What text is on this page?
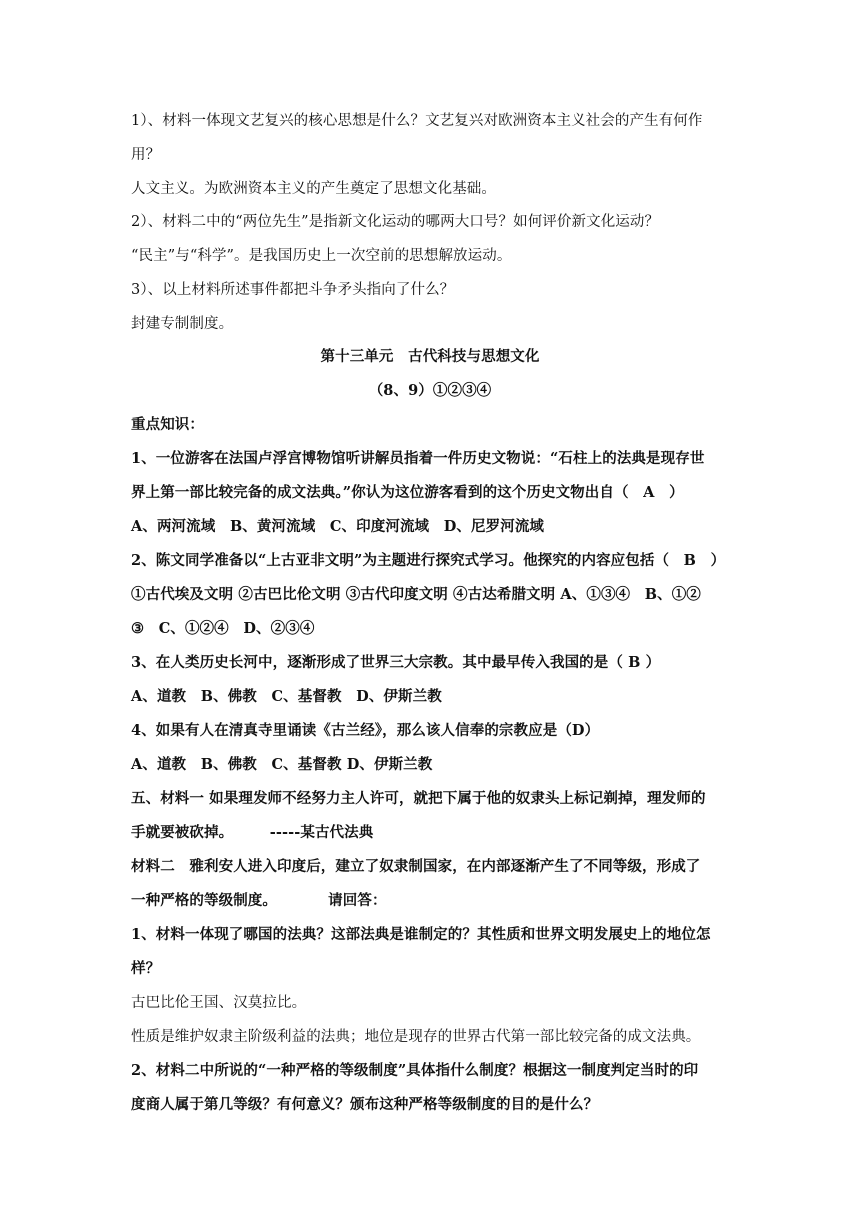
1）、材料一体现文艺复兴的核心思想是什么？文艺复兴对欧洲资本主义社会的产生有何作
用？
人文主义。为欧洲资本主义的产生奠定了思想文化基础。
2）、材料二中的“两位先生”是指新文化运动的哪两大口号？如何评价新文化运动？
“民主”与“科学”。是我国历史上一次空前的思想解放运动。
3）、以上材料所述事件都把斗争矛头指向了什么？
封建专制制度。
第十三单元　古代科技与思想文化
（8、9）①②③④
重点知识：
1、一位游客在法国卢浮宫博物馆听讲解员指着一件历史文物说：“石柱上的法典是现存世
界上第一部比较完备的成文法典。”你认为这位游客看到的这个历史文物出自（　A　）
A、两河流域　B、黄河流域　C、印度河流域　D、尼罗河流域
2、陈文同学准备以“上古亚非文明”为主题进行探究式学习。他探究的内容应包括（　B　）
①古代埃及文明 ②古巴比伦文明 ③古代印度文明 ④古达希腊文明 A、①③④　B、①②
③　C、①②④　D、②③④
3、在人类历史长河中，逐渐形成了世界三大宗教。其中最早传入我国的是（ B ）
A、道教　B、佛教　C、基督教　D、伊斯兰教
4、如果有人在清真寺里诵读《古兰经》，那么该人信奉的宗教应是（D）
A、道教　B、佛教　C、基督教 D、伊斯兰教
五、材料一 如果理发师不经努力主人许可，就把下属于他的奴隶头上标记剃掉，理发师的
手就要被砍掉。　　　-----某古代法典
材料二　雅利安人进入印度后，建立了奴隶制国家，在内部逐渐产生了不同等级，形成了
一种严格的等级制度。　　　　请回答：
1、材料一体现了哪国的法典？这部法典是谁制定的？其性质和世界文明发展史上的地位怎
样？
古巴比伦王国、汉莫拉比。
性质是维护奴隶主阶级利益的法典；地位是现存的世界古代第一部比较完备的成文法典。
2、材料二中所说的“一种严格的等级制度”具体指什么制度？根据这一制度判定当时的印
度商人属于第几等级？有何意义？颁布这种严格等级制度的目的是什么？
